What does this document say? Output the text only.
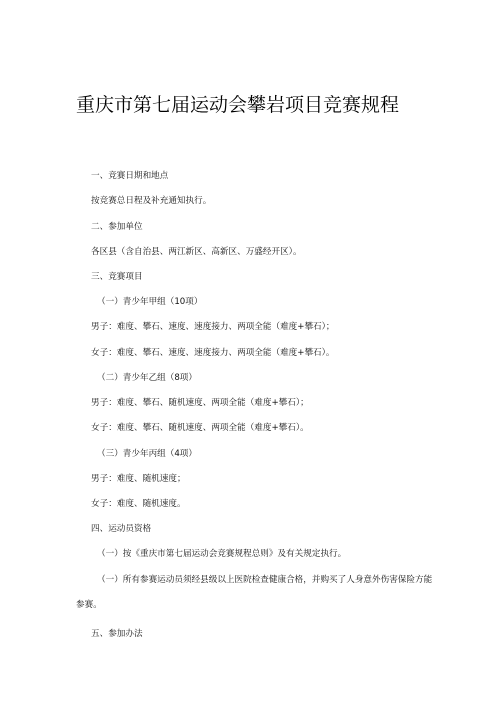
重庆市第七届运动会攀岩项目竞赛规程
一、竞赛日期和地点
按竞赛总日程及补充通知执行。
二、参加单位
各区县（含自治县、两江新区、高新区、万盛经开区）。
三、竞赛项目
（一）青少年甲组（10项）
男子：难度、攀石、速度、速度接力、两项全能（难度+攀石）；
女子：难度、攀石、速度、速度接力、两项全能（难度+攀石）。
（二）青少年乙组（8项）
男子：难度、攀石、随机速度、两项全能（难度+攀石）；
女子：难度、攀石、随机速度、两项全能（难度+攀石）。
（三）青少年丙组（4项）
男子：难度、随机速度；
女子：难度、随机速度。
四、运动员资格
（一）按《重庆市第七届运动会竞赛规程总则》及有关规定执行。
（一）所有参赛运动员须经县级以上医院检查健康合格，并购买了人身意外伤害保险方能
参赛。
五、参加办法
